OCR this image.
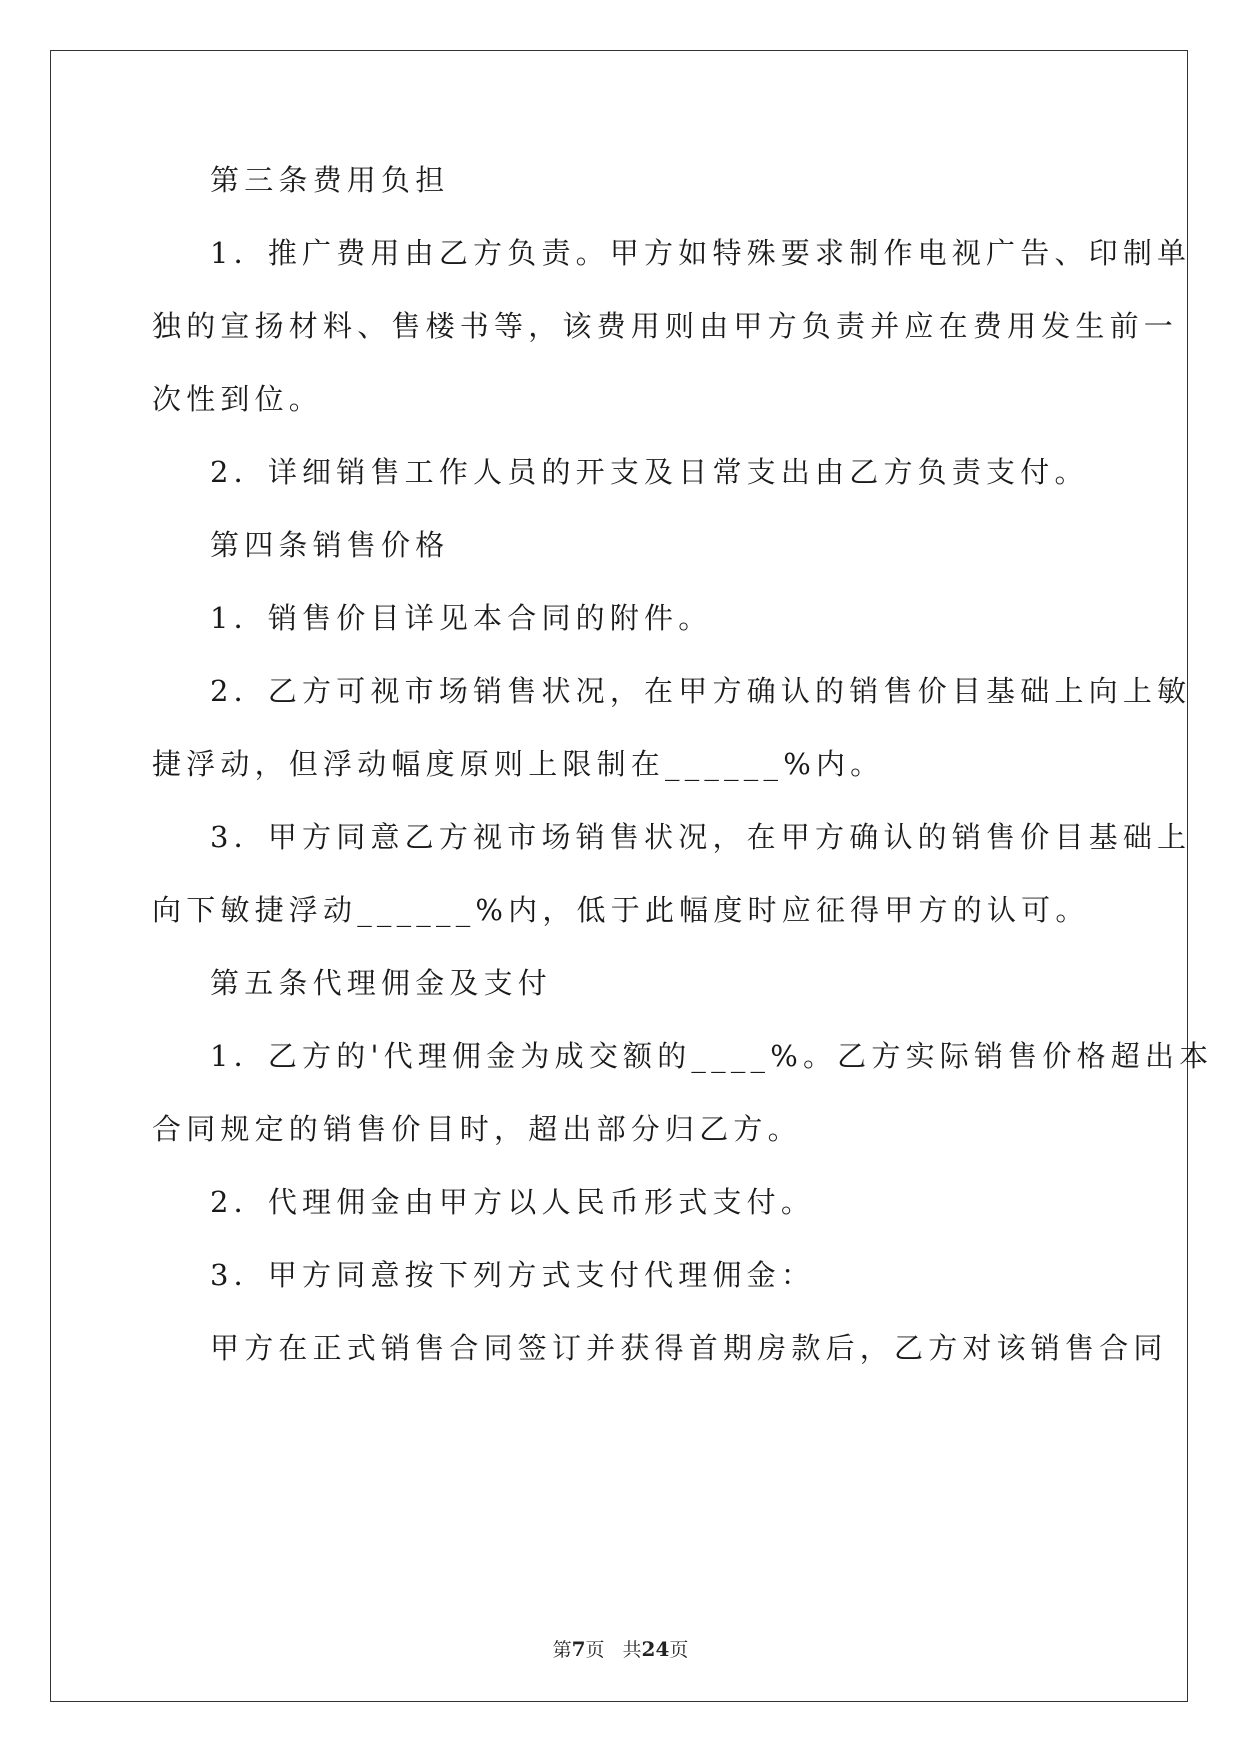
第三条费用负担
1．推广费用由乙方负责。甲方如特殊要求制作电视广告、印制单
独的宣扬材料、售楼书等，该费用则由甲方负责并应在费用发生前一
次性到位。
2．详细销售工作人员的开支及日常支出由乙方负责支付。
第四条销售价格
1．销售价目详见本合同的附件。
2．乙方可视市场销售状况，在甲方确认的销售价目基础上向上敏
捷浮动，但浮动幅度原则上限制在______%内。
3．甲方同意乙方视市场销售状况，在甲方确认的销售价目基础上
向下敏捷浮动______%内，低于此幅度时应征得甲方的认可。
第五条代理佣金及支付
1．乙方的'代理佣金为成交额的____%。乙方实际销售价格超出本
合同规定的销售价目时，超出部分归乙方。
2．代理佣金由甲方以人民币形式支付。
3．甲方同意按下列方式支付代理佣金：
甲方在正式销售合同签订并获得首期房款后，乙方对该销售合同
第7页 共24页
